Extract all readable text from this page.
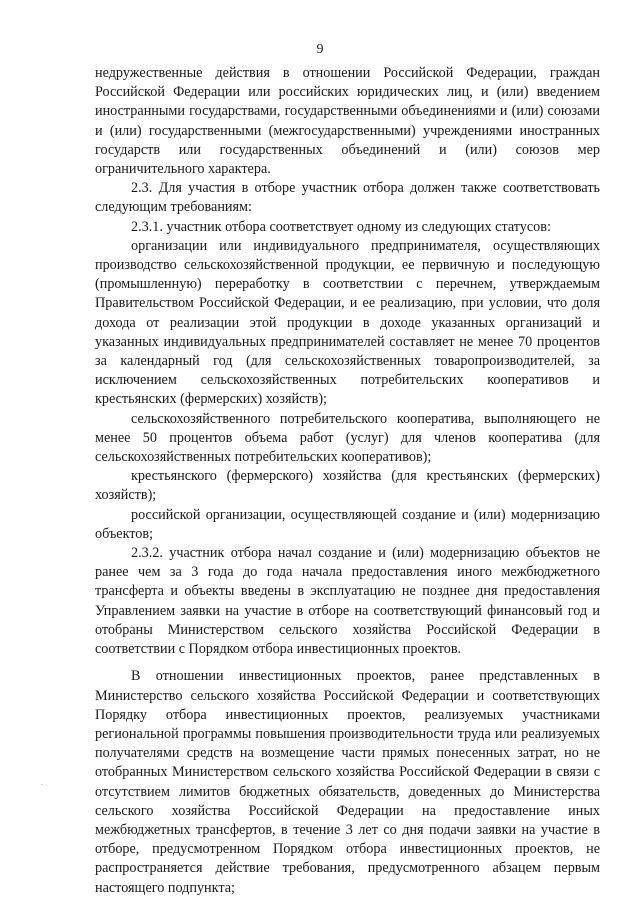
9

недружественные действия в отношении Российской Федерации, граждан Российской Федерации или российских юридических лиц, и (или) введением иностранными государствами, государственными объединениями и (или) союзами и (или) государственными (межгосударственными) учреждениями иностранных государств или государственных объединений и (или) союзов мер ограничительного характера.

2.3. Для участия в отборе участник отбора должен также соответствовать следующим требованиям:

2.3.1. участник отбора соответствует одному из следующих статусов:

организации или индивидуального предпринимателя, осуществляющих производство сельскохозяйственной продукции, ее первичную и последующую (промышленную) переработку в соответствии с перечнем, утверждаемым Правительством Российской Федерации, и ее реализацию, при условии, что доля дохода от реализации этой продукции в доходе указанных организаций и указанных индивидуальных предпринимателей составляет не менее 70 процентов за календарный год (для сельскохозяйственных товаропроизводителей, за исключением сельскохозяйственных потребительских кооперативов и крестьянских (фермерских) хозяйств);

сельскохозяйственного потребительского кооператива, выполняющего не менее 50 процентов объема работ (услуг) для членов кооператива (для сельскохозяйственных потребительских кооперативов);

крестьянского (фермерского) хозяйства (для крестьянских (фермерских) хозяйств);

российской организации, осуществляющей создание и (или) модернизацию объектов;

2.3.2. участник отбора начал создание и (или) модернизацию объектов не ранее чем за 3 года до года начала предоставления иного межбюджетного трансферта и объекты введены в эксплуатацию не позднее дня предоставления Управлением заявки на участие в отборе на соответствующий финансовый год и отобраны Министерством сельского хозяйства Российской Федерации в соответствии с Порядком отбора инвестиционных проектов.

В отношении инвестиционных проектов, ранее представленных в Министерство сельского хозяйства Российской Федерации и соответствующих Порядку отбора инвестиционных проектов, реализуемых участниками региональной программы повышения производительности труда или реализуемых получателями средств на возмещение части прямых понесенных затрат, но не отобранных Министерством сельского хозяйства Российской Федерации в связи с отсутствием лимитов бюджетных обязательств, доведенных до Министерства сельского хозяйства Российской Федерации на предоставление иных межбюджетных трансфертов, в течение 3 лет со дня подачи заявки на участие в отборе, предусмотренном Порядком отбора инвестиционных проектов, не распространяется действие требования, предусмотренного абзацем первым настоящего подпункта;

·
